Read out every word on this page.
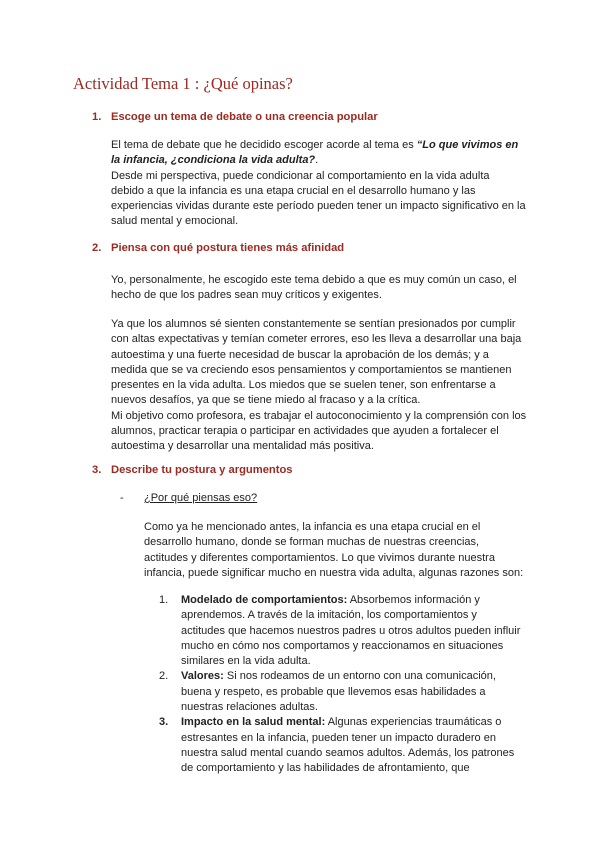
Actividad Tema 1 : ¿Qué opinas?
1. Escoge un tema de debate o una creencia popular
El tema de debate que he decidido escoger acorde al tema es “Lo que vivimos en
la infancia, ¿condiciona la vida adulta?.
Desde mi perspectiva, puede condicionar al comportamiento en la vida adulta
debido a que la infancia es una etapa crucial en el desarrollo humano y las
experiencias vividas durante este período pueden tener un impacto significativo en la
salud mental y emocional.
2. Piensa con qué postura tienes más afinidad
Yo, personalmente, he escogido este tema debido a que es muy común un caso, el
hecho de que los padres sean muy críticos y exigentes.
Ya que los alumnos sé sienten constantemente se sentían presionados por cumplir
con altas expectativas y temían cometer errores, eso les lleva a desarrollar una baja
autoestima y una fuerte necesidad de buscar la aprobación de los demás; y a
medida que se va creciendo esos pensamientos y comportamientos se mantienen
presentes en la vida adulta. Los miedos que se suelen tener, son enfrentarse a
nuevos desafíos, ya que se tiene miedo al fracaso y a la crítica.
Mi objetivo como profesora, es trabajar el autoconocimiento y la comprensión con los
alumnos, practicar terapia o participar en actividades que ayuden a fortalecer el
autoestima y desarrollar una mentalidad más positiva.
3. Describe tu postura y argumentos
- ¿Por qué piensas eso?
Como ya he mencionado antes, la infancia es una etapa crucial en el
desarrollo humano, donde se forman muchas de nuestras creencias,
actitudes y diferentes comportamientos. Lo que vivimos durante nuestra
infancia, puede significar mucho en nuestra vida adulta, algunas razones son:
1.	Modelado de comportamientos: Absorbemos información y
aprendemos. A través de la imitación, los comportamientos y
actitudes que hacemos nuestros padres u otros adultos pueden influir
mucho en cómo nos comportamos y reaccionamos en situaciones
similares en la vida adulta.
2.	Valores: Si nos rodeamos de un entorno con una comunicación,
buena y respeto, es probable que llevemos esas habilidades a
nuestras relaciones adultas.
3.	Impacto en la salud mental: Algunas experiencias traumáticas o
estresantes en la infancia, pueden tener un impacto duradero en
nuestra salud mental cuando seamos adultos. Además, los patrones
de comportamiento y las habilidades de afrontamiento, que
